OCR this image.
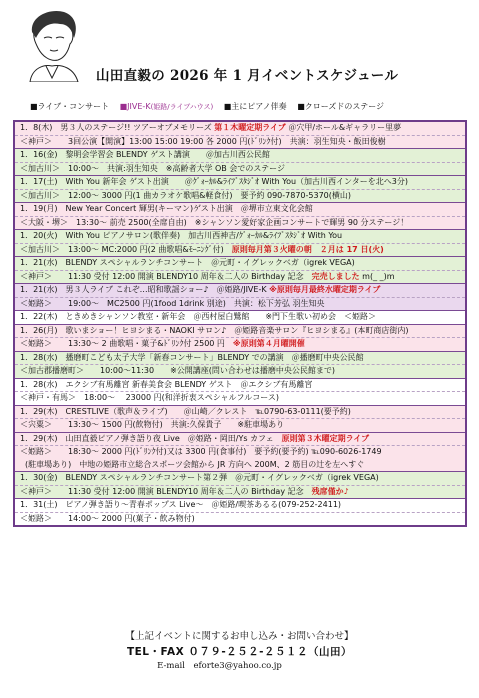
山田直毅の 2026 年 1 月イベントスケジュール
■ライブ・コンサート ■JIVE-K(姫路/ライブハウス) ■主にピアノ伴奏 ■クローズドのステージ
1．8(木)　男３人のステージ!! ツアーオブメモリーズ 第１木曜定期ライブ ＠穴甲/ホール&ギャラリー里夢
＜神戸＞　　3回公演【開演】13:00 15:00 19:00 各 2000 円(ﾄﾞﾘﾝｸ付)　共演：羽生知央・飯田俊樹
1．16(金)　黎明会学習会 BLENDY ゲスト講演　　＠加古川西公民館
＜加古川＞　10:00～　共演:羽生知央　※高齢者大学 OB 会でのステージ
1．17(土)　With You 新年会 ゲスト出演　　＠ｸﾞｫｰｶﾙ&ﾗｲﾌﾞｽﾀｼﾞｵ With You（加古川西インターを北へ3分)
＜加古川＞　12:00～ 3000 円(1 曲カラオケ歌唱&軽食付)　要予約 090-7870-5370(横山)
1．19(月)　New Year Concert 輝男(キーマン)ゲスト出演　＠堺市立東文化会館
＜大阪・堺＞　13:30～ 前売 2500(全席自由)　※シャンソン愛好家企画コンサートで輝男 90 分ステージ！
1．20(火)　With You ピアノサロン(歌伴奏)　加古川西神吉/ｸﾞｫｰｶﾙ&ﾗｲﾌﾞｽﾀｼﾞｵ With You
＜加古川＞　13:00～ MC:2000 円(2 曲歌唱&ﾓｰﾆﾝｸﾞ付)　原則毎月第３火曜の朝　２月は 17 日(火)
1．21(水)　BLENDY スペシャルランチコンサート　＠元町・イグレックベガ（igrek VEGA)
＜神戸＞　　11:30 受付 12:00 開演 BLENDY10 周年＆二人の Birthday 記念　完売しました m(_ _)m
1．21(水)　男３人ライブ これぞ…昭和歌謡ショー♪　＠姫路/JIVE-K ※原則毎月最終水曜定期ライブ
＜姫路＞　　19:00～　MC2500 円(1food 1drink 別途)　共演：松下芳弘 羽生知央
1．22(木)　ときめきシャンソン教室・新年会　＠西村屋白鷺館　　※門下生歌い初め会　＜姫路＞
1．26(月)　歌いまショー！ヒヨシまる・NAOKI サロン♪　＠姫路音楽サロン『ヒヨシまる』(本町商店街内)
＜姫路＞　　13:30～ 2 曲歌唱・菓子&ﾄﾞﾘﾝｸ付 2500 円　※原則第４月曜開催
1．28(水)　播磨町こども太子大学「新春コンサート」BLENDY での講演　＠播磨町中央公民館
＜加古郡播磨町＞　　10:00～11:30　　※公開講座(問い合わせは播磨中央公民館まで)
1．28(水)　エクシブ有馬離宮 新春美食会 BLENDY ゲスト　＠エクシブ有馬離宮
＜神戸・有馬＞　18:00～　 23000 円(和洋折衷スペシャルフルコース)
1．29(木)　CRESTLIVE（歌声＆ライブ)　　＠山崎／クレスト　℡0790-63-0111(要予約)
＜宍粟＞　　13:30～ 1500 円(飲物付)　共演:久保貴子　　※駐車場あり
1．29(木)　山田直毅ピアノ弾き語り夜 Live　＠姫路・岡田/Ys カフェ　原則第３木曜定期ライブ
＜姫路＞　　18:30～ 2000 円(ﾄﾞﾘﾝｸ付)又は 3300 円(食事付)　要予約(要予約) ℡090-6026-1749
(駐車場あり)　中地の姫路市立総合スポーツ会館から JR 方向へ 200M、2 筋目の辻を左へすぐ
1．30(金)　BLENDY スペシャルランチコンサート第２弾　＠元町・イグレックベガ（igrek VEGA)
＜神戸＞　　11:30 受付 12:00 開演 BLENDY10 周年＆二人の Birthday 記念　残席僅か♪
1．31(土)　ピアノ弾き語り～青春ポップス Live～　＠姫路/喫茶あるる(079-252-2411)
＜姫路＞　　14:00～ 2000 円(菓子・飲み物付)
【上記イベントに関するお申し込み・お問い合わせ】
TEL・FAX ０７９-２５２-２５１２（山田）
E-mail　eforte3@yahoo.co.jp
